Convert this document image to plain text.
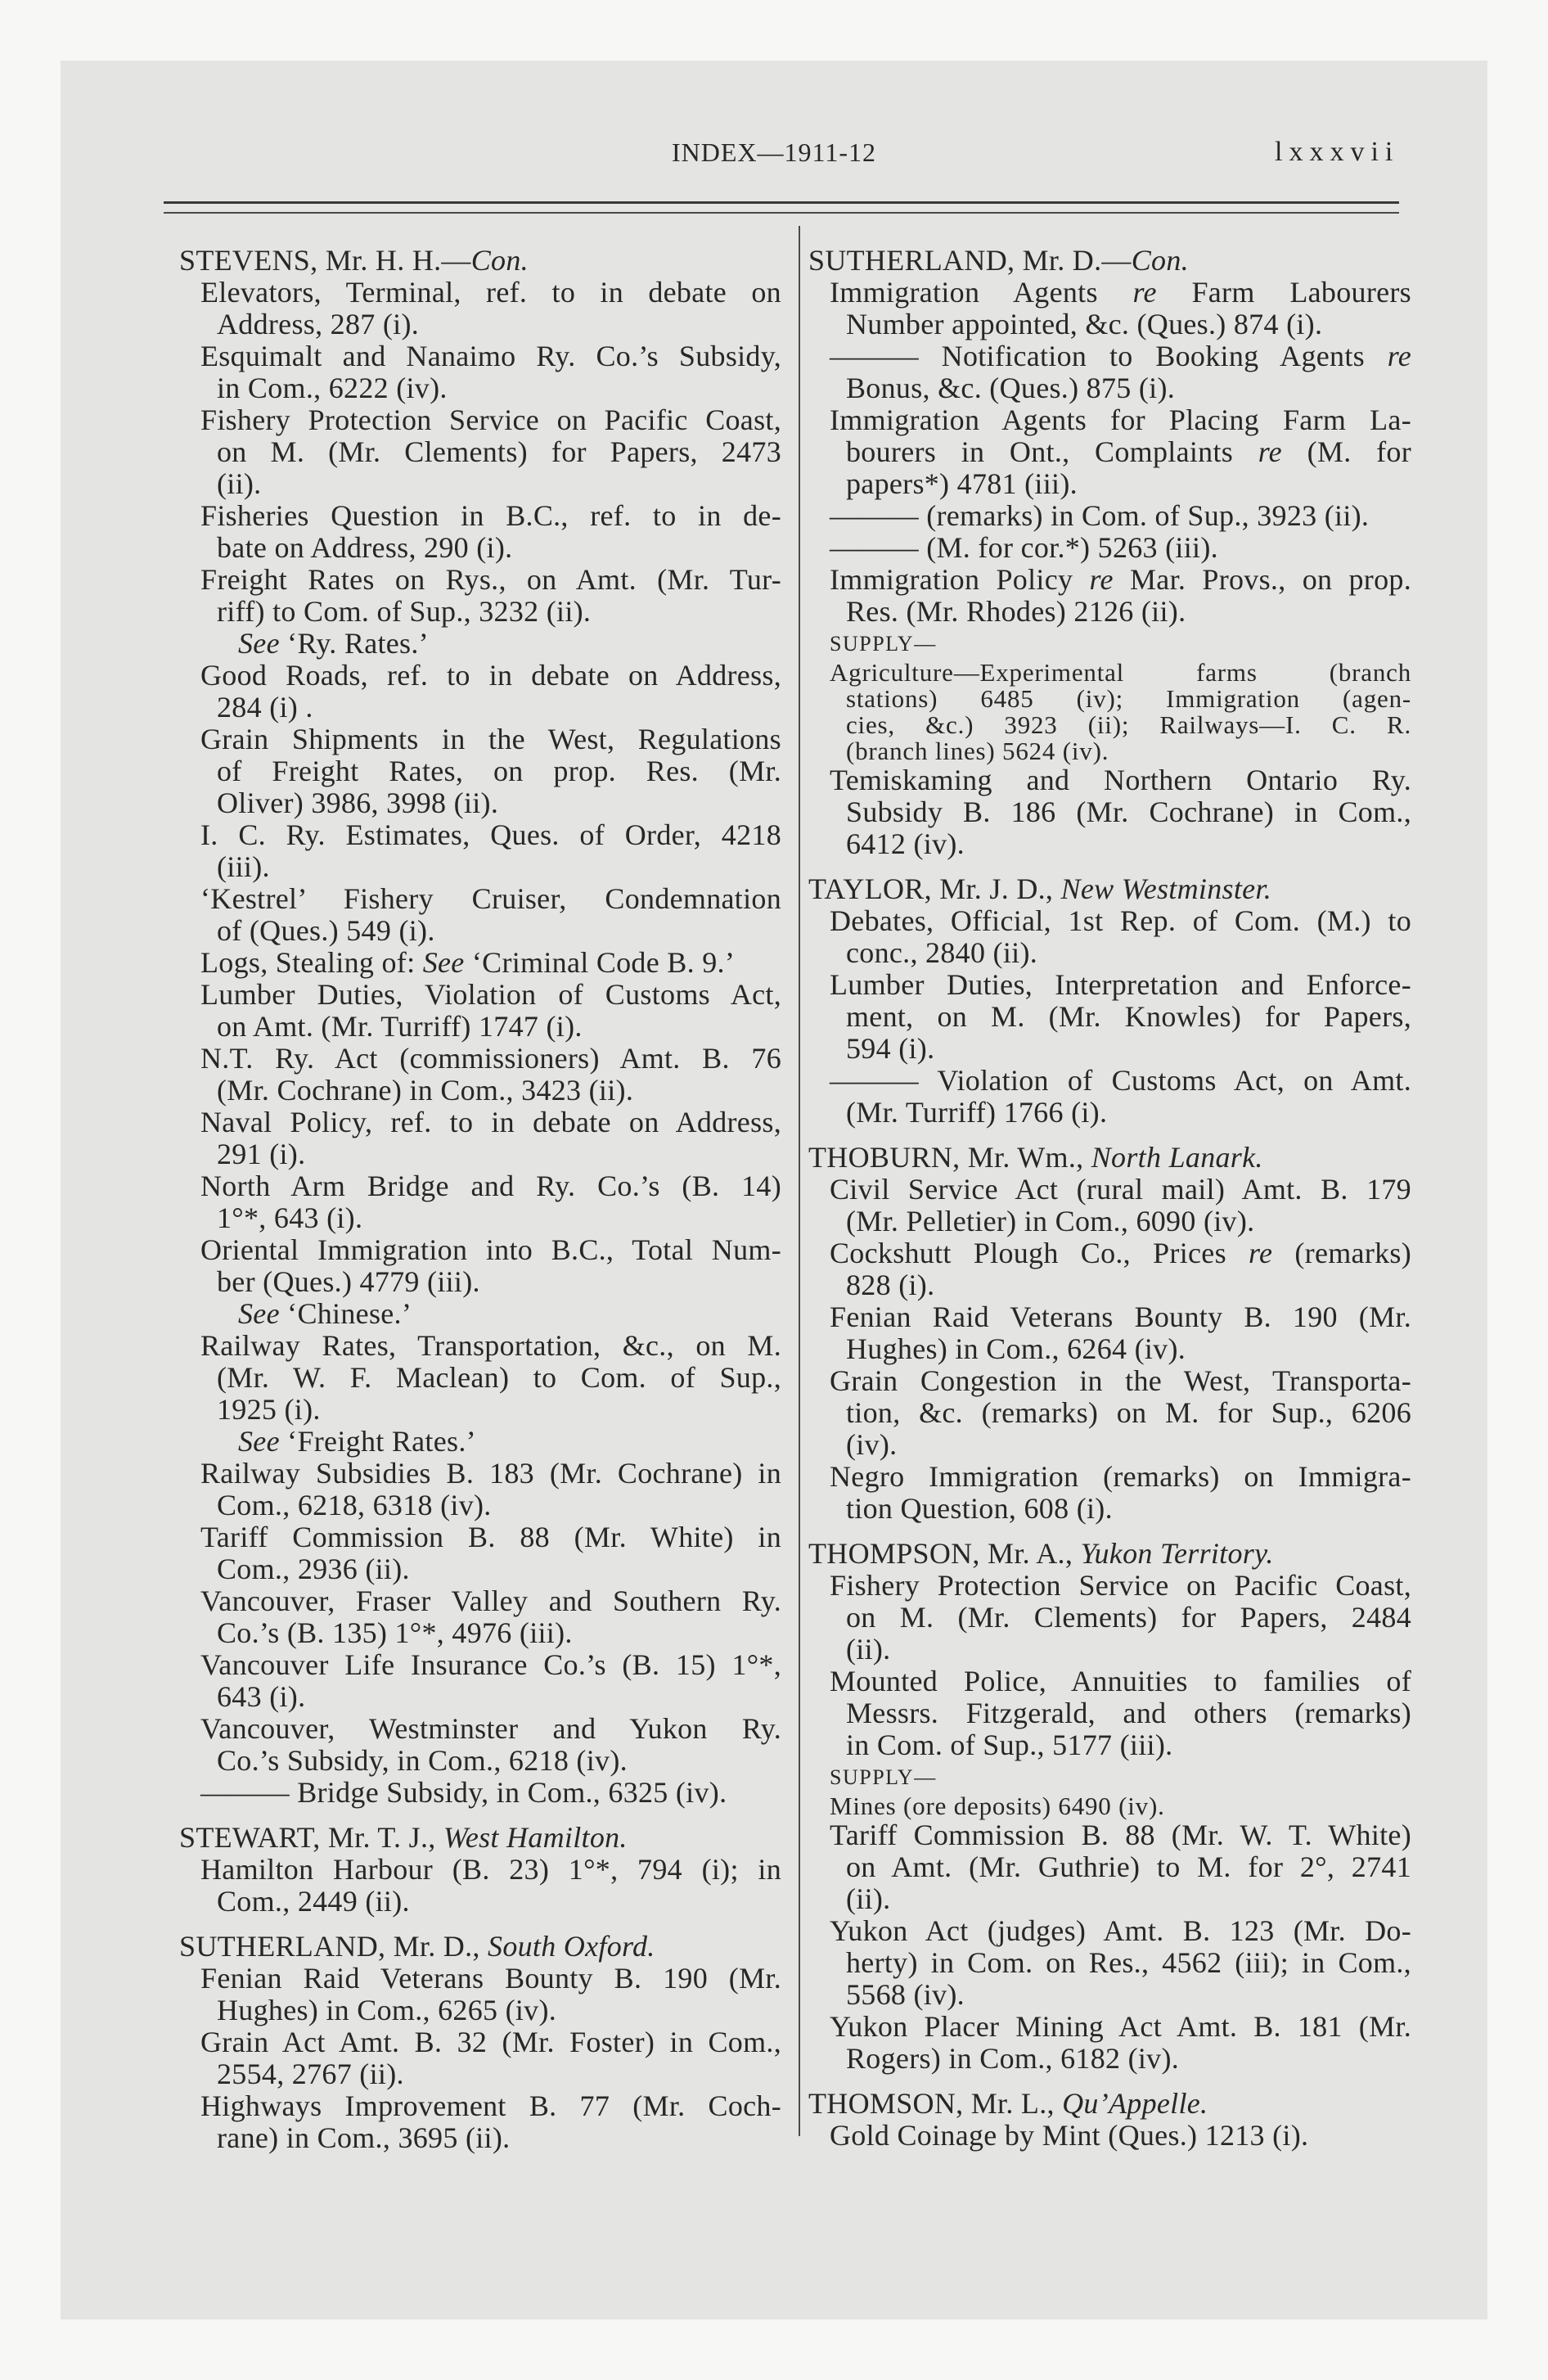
INDEX—1911-12	lxxxvii
STEVENS, Mr. H. H.—Con.
Elevators, Terminal, ref. to in debate on
Address, 287 (i).
Esquimalt and Nanaimo Ry. Co.’s Subsidy,
in Com., 6222 (iv).
Fishery Protection Service on Pacific Coast,
on M. (Mr. Clements) for Papers, 2473
(ii).
Fisheries Question in B.C., ref. to in de-
bate on Address, 290 (i).
Freight Rates on Rys., on Amt. (Mr. Tur-
riff) to Com. of Sup., 3232 (ii).
See ‘Ry. Rates.’
Good Roads, ref. to in debate on Address,
284 (i) .
Grain Shipments in the West, Regulations
of Freight Rates, on prop. Res. (Mr.
Oliver) 3986, 3998 (ii).
I. C. Ry. Estimates, Ques. of Order, 4218
(iii).
‘Kestrel’ Fishery Cruiser, Condemnation
of (Ques.) 549 (i).
Logs, Stealing of: See ‘Criminal Code B. 9.’
Lumber Duties, Violation of Customs Act,
on Amt. (Mr. Turriff) 1747 (i).
N.T. Ry. Act (commissioners) Amt. B. 76
(Mr. Cochrane) in Com., 3423 (ii).
Naval Policy, ref. to in debate on Address,
291 (i).
North Arm Bridge and Ry. Co.’s (B. 14)
1°*, 643 (i).
Oriental Immigration into B.C., Total Num-
ber (Ques.) 4779 (iii).
See ‘Chinese.’
Railway Rates, Transportation, &c., on M.
(Mr. W. F. Maclean) to Com. of Sup.,
1925 (i).
See ‘Freight Rates.’
Railway Subsidies B. 183 (Mr. Cochrane) in
Com., 6218, 6318 (iv).
Tariff Commission B. 88 (Mr. White) in
Com., 2936 (ii).
Vancouver, Fraser Valley and Southern Ry.
Co.’s (B. 135) 1°*, 4976 (iii).
Vancouver Life Insurance Co.’s (B. 15) 1°*,
643 (i).
Vancouver, Westminster and Yukon Ry.
Co.’s Subsidy, in Com., 6218 (iv).
——— Bridge Subsidy, in Com., 6325 (iv).
STEWART, Mr. T. J., West Hamilton.
Hamilton Harbour (B. 23) 1°*, 794 (i); in
Com., 2449 (ii).
SUTHERLAND, Mr. D., South Oxford.
Fenian Raid Veterans Bounty B. 190 (Mr.
Hughes) in Com., 6265 (iv).
Grain Act Amt. B. 32 (Mr. Foster) in Com.,
2554, 2767 (ii).
Highways Improvement B. 77 (Mr. Coch-
rane) in Com., 3695 (ii).
SUTHERLAND, Mr. D.—Con.
Immigration Agents re Farm Labourers
Number appointed, &c. (Ques.) 874 (i).
——— Notification to Booking Agents re
Bonus, &c. (Ques.) 875 (i).
Immigration Agents for Placing Farm La-
bourers in Ont., Complaints re (M. for
papers*) 4781 (iii).
——— (remarks) in Com. of Sup., 3923 (ii).
——— (M. for cor.*) 5263 (iii).
Immigration Policy re Mar. Provs., on prop.
Res. (Mr. Rhodes) 2126 (ii).
SUPPLY—
Agriculture—Experimental farms (branch
stations) 6485 (iv); Immigration (agen-
cies, &c.) 3923 (ii); Railways—I. C. R.
(branch lines) 5624 (iv).
Temiskaming and Northern Ontario Ry.
Subsidy B. 186 (Mr. Cochrane) in Com.,
6412 (iv).
TAYLOR, Mr. J. D., New Westminster.
Debates, Official, 1st Rep. of Com. (M.) to
conc., 2840 (ii).
Lumber Duties, Interpretation and Enforce-
ment, on M. (Mr. Knowles) for Papers,
594 (i).
——— Violation of Customs Act, on Amt.
(Mr. Turriff) 1766 (i).
THOBURN, Mr. Wm., North Lanark.
Civil Service Act (rural mail) Amt. B. 179
(Mr. Pelletier) in Com., 6090 (iv).
Cockshutt Plough Co., Prices re (remarks)
828 (i).
Fenian Raid Veterans Bounty B. 190 (Mr.
Hughes) in Com., 6264 (iv).
Grain Congestion in the West, Transporta-
tion, &c. (remarks) on M. for Sup., 6206
(iv).
Negro Immigration (remarks) on Immigra-
tion Question, 608 (i).
THOMPSON, Mr. A., Yukon Territory.
Fishery Protection Service on Pacific Coast,
on M. (Mr. Clements) for Papers, 2484
(ii).
Mounted Police, Annuities to families of
Messrs. Fitzgerald, and others (remarks)
in Com. of Sup., 5177 (iii).
SUPPLY—
Mines (ore deposits) 6490 (iv).
Tariff Commission B. 88 (Mr. W. T. White)
on Amt. (Mr. Guthrie) to M. for 2°, 2741
(ii).
Yukon Act (judges) Amt. B. 123 (Mr. Do-
herty) in Com. on Res., 4562 (iii); in Com.,
5568 (iv).
Yukon Placer Mining Act Amt. B. 181 (Mr.
Rogers) in Com., 6182 (iv).
THOMSON, Mr. L., Qu’Appelle.
Gold Coinage by Mint (Ques.) 1213 (i).
